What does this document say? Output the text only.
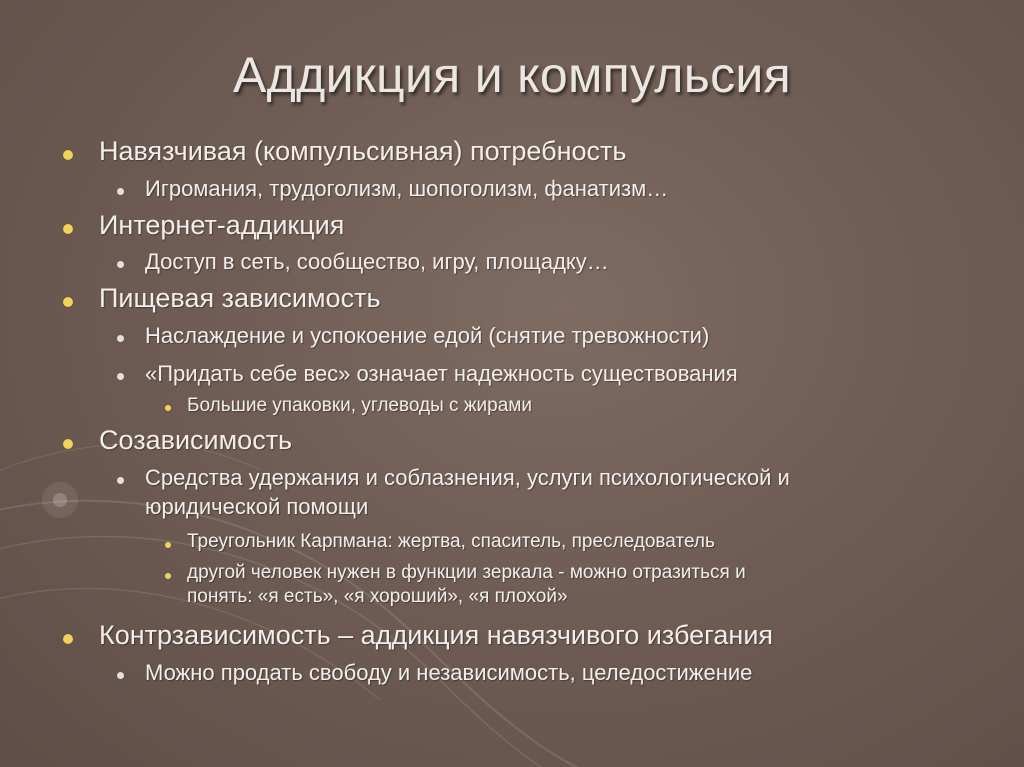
Аддикция и компульсия
Навязчивая (компульсивная) потребность
Игромания, трудоголизм, шопоголизм, фанатизм…
Интернет-аддикция
Доступ в сеть, сообщество, игру, площадку…
Пищевая зависимость
Наслаждение и успокоение едой (снятие тревожности)
«Придать себе вес» означает надежность существования
Большие упаковки, углеводы с жирами
Созависимость
Средства удержания и соблазнения, услуги психологической и
юридической помощи
Треугольник Карпмана: жертва, спаситель, преследователь
другой человек нужен в функции зеркала - можно отразиться и
понять: «я есть», «я хороший», «я плохой»
Контрзависимость – аддикция навязчивого избегания
Можно продать свободу и независимость, целедостижение
